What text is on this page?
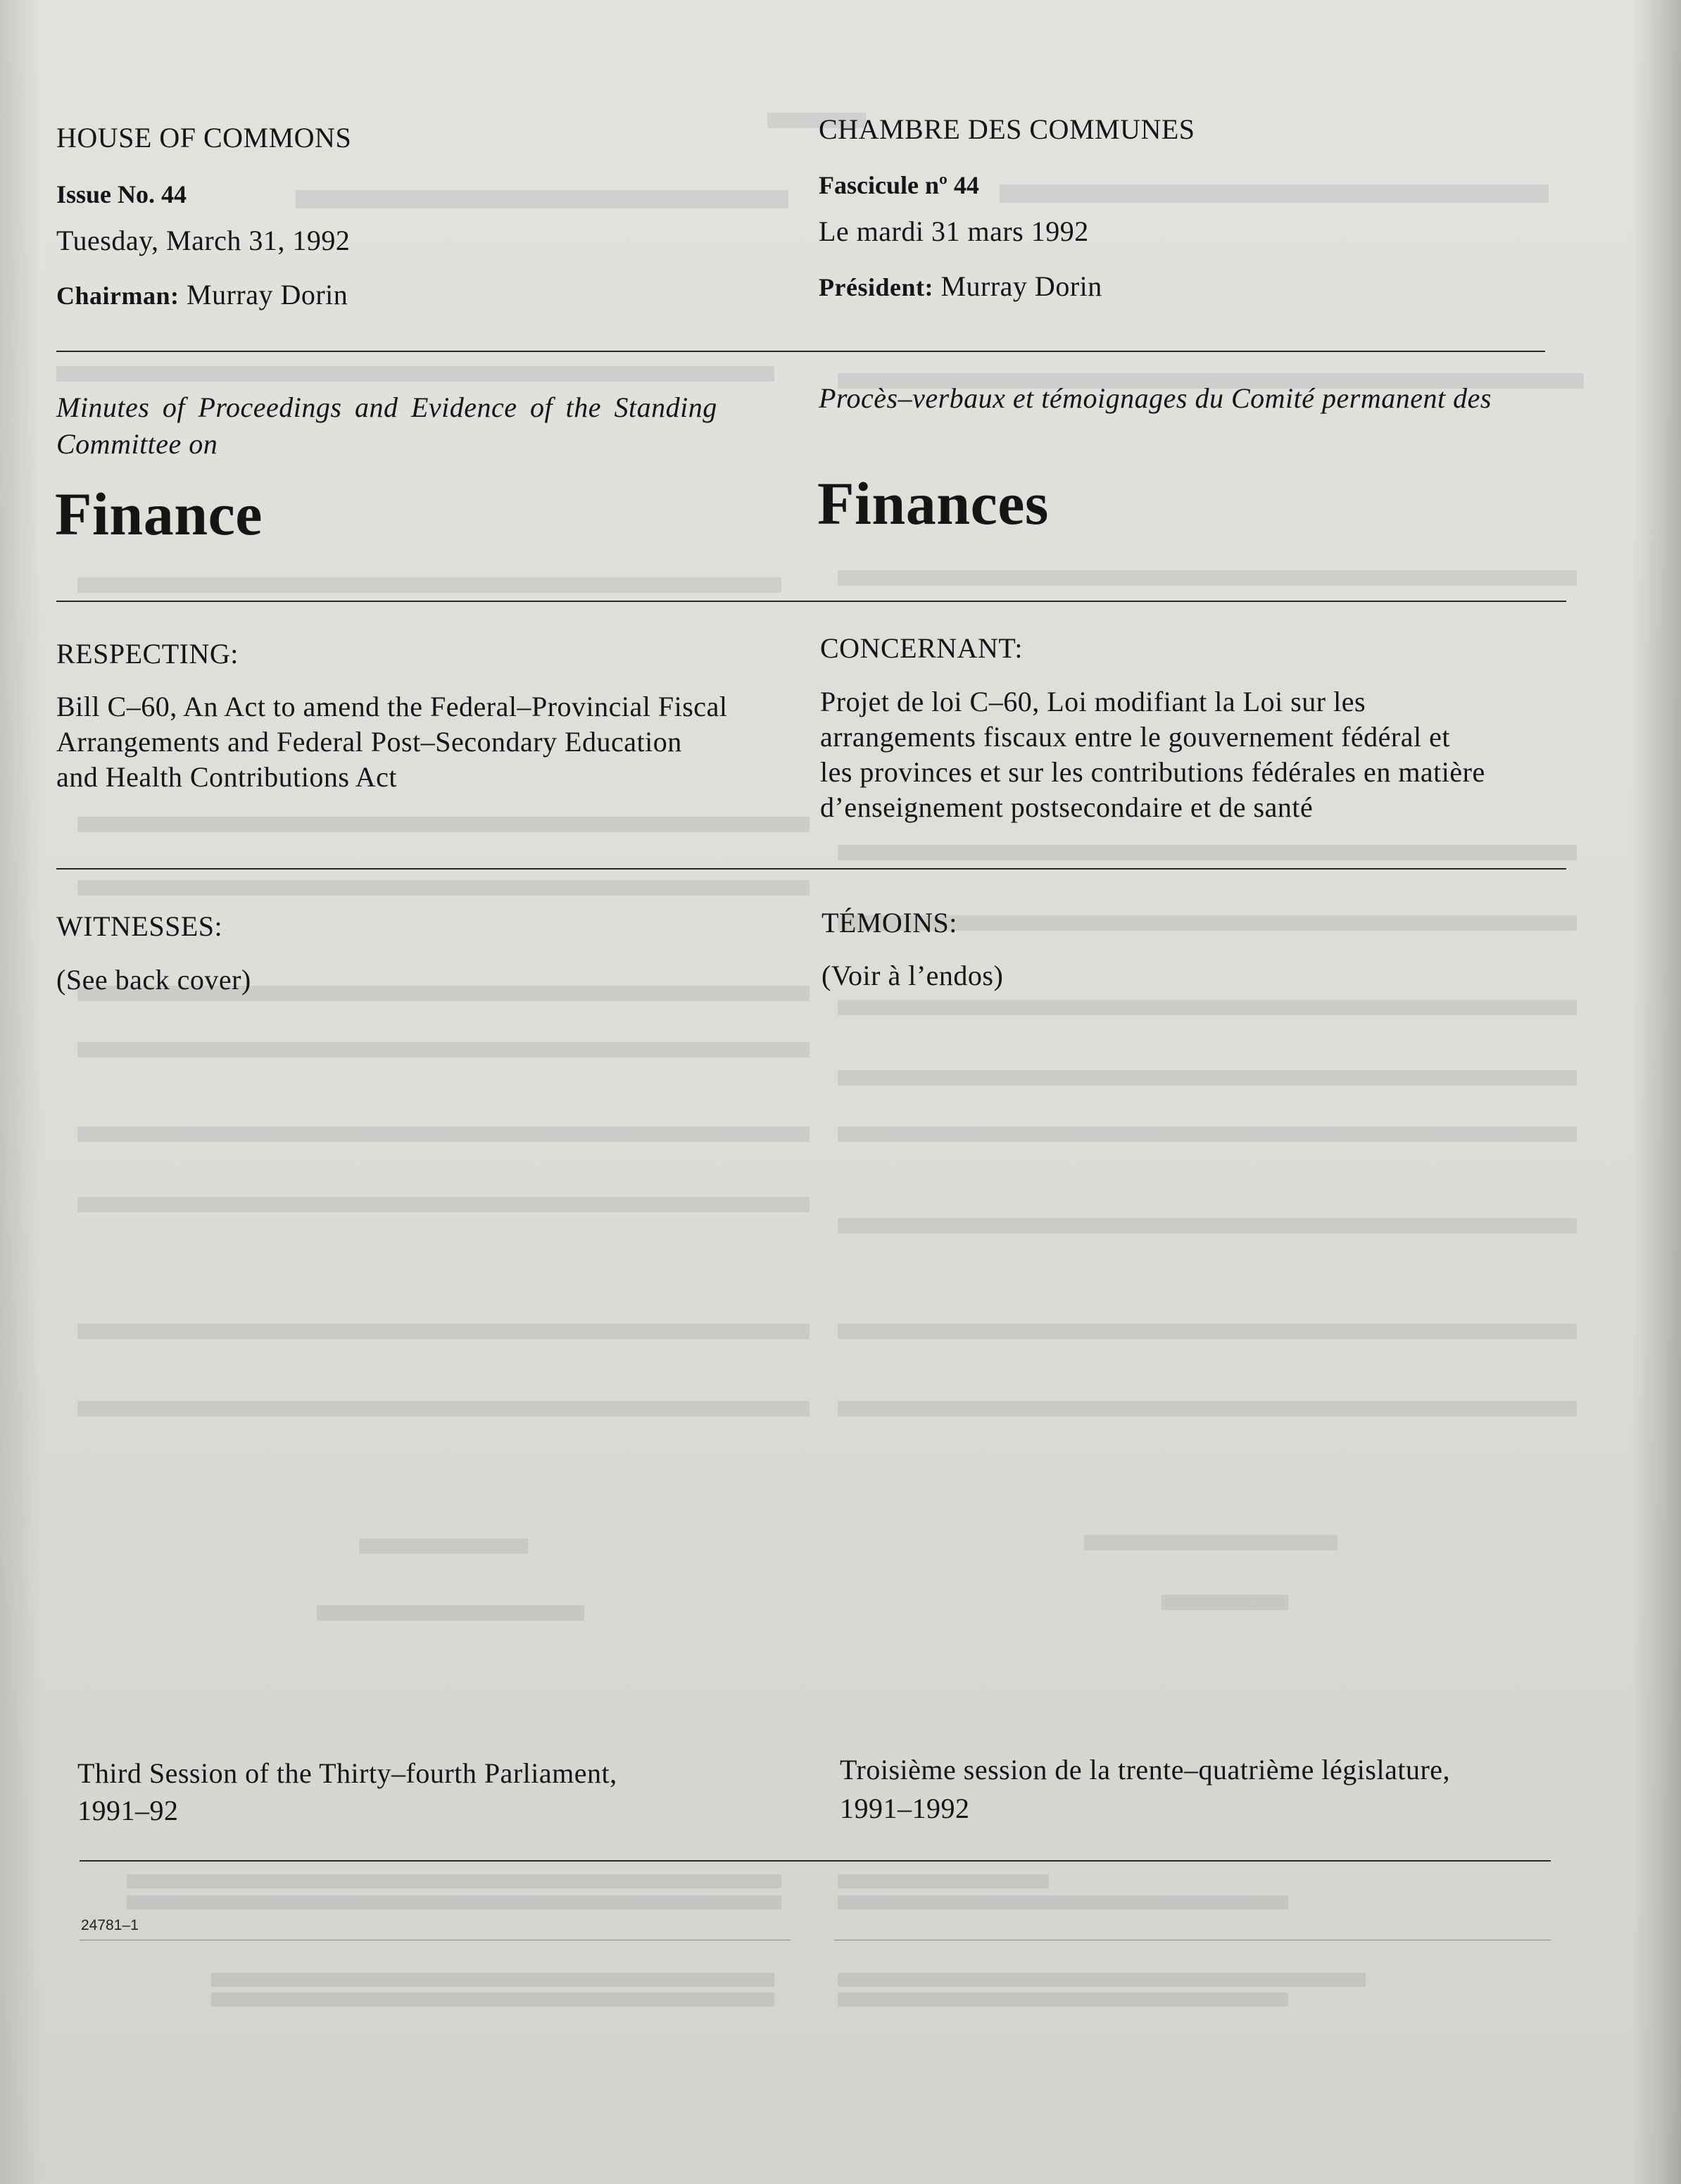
HOUSE OF COMMONS
Issue No. 44
Tuesday, March 31, 1992
Chairman: Murray Dorin
Minutes of Proceedings and Evidence of the Standing
Committee on
Finance
RESPECTING:
Bill C–60, An Act to amend the Federal–Provincial Fiscal
Arrangements and Federal Post–Secondary Education
and Health Contributions Act
WITNESSES:
(See back cover)
Third Session of the Thirty–fourth Parliament,
1991–92
CHAMBRE DES COMMUNES
Fascicule nº 44
Le mardi 31 mars 1992
Président: Murray Dorin
Procès–verbaux et témoignages du Comité permanent des
Finances
CONCERNANT:
Projet de loi C–60, Loi modifiant la Loi sur les
arrangements fiscaux entre le gouvernement fédéral et
les provinces et sur les contributions fédérales en matière
d’enseignement postsecondaire et de santé
TÉMOINS:
(Voir à l’endos)
Troisième session de la trente–quatrième législature,
1991–1992
24781–1
